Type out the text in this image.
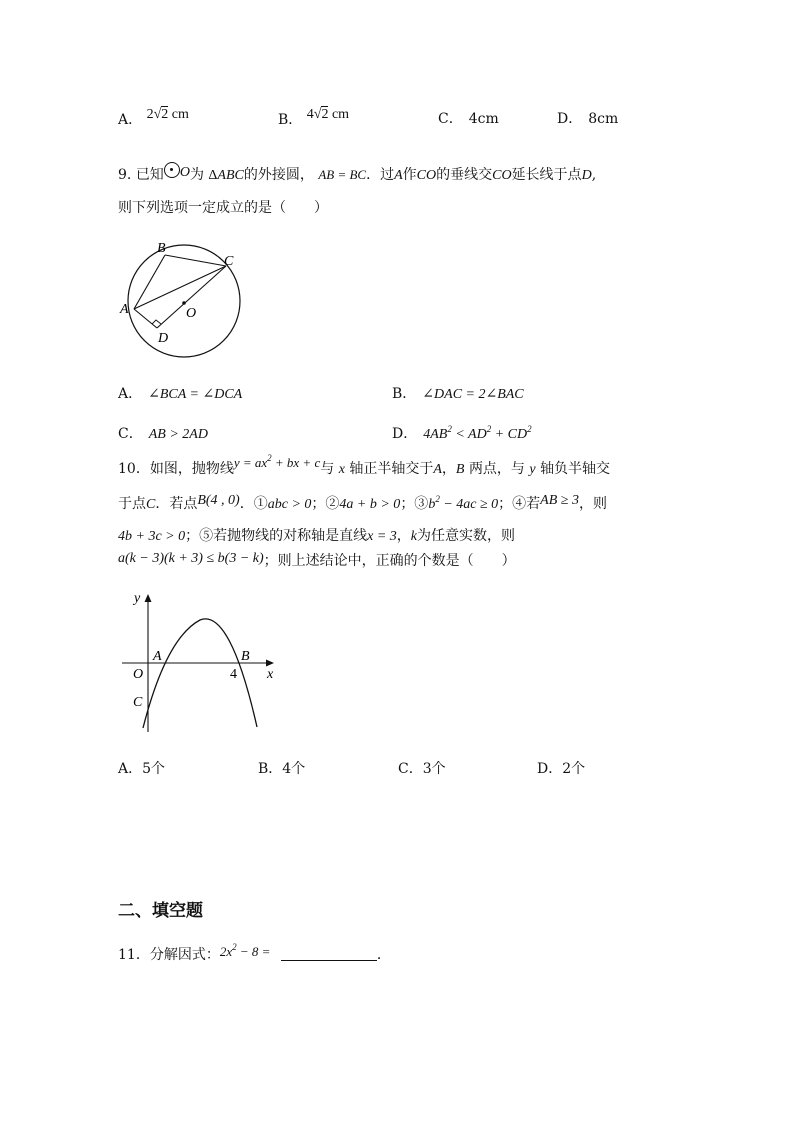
A． 2√2 cm	B． 4√2 cm	C． 4cm	D． 8cm
9. 已知 O为 ΔABC的外接圆， AB = BC．过A作CO的垂线交CO延长线于点D,
则下列选项一定成立的是（　　）
A
B
C
O
D
A． ∠BCA = ∠DCA	B． ∠DAC = 2∠BAC
C． AB > 2AD	D． $4AB^2 < AD^2 + CD^2$
10．如图，抛物线$y = ax^2$ + bx + c与 x 轴正半轴交于A，B 两点，与 y 轴负半轴交
于点C．若点B(4 , 0)．①abc > 0；②4a + b > 0；$③b^2 - 4ac \ge 0$；④若AB ≥ 3，则
4b + 3c > 0；⑤若抛物线的对称轴是直线x = 3，k为任意实数，则
a(k − 3)(k + 3) ≤ b(3 − k)；则上述结论中，正确的个数是（　　）
y
x
O
A	B
C
4
A．5个	B．4个	C．3个	D．2个
二、填空题
11．分解因式：$2x^2 - 8$ =	．
